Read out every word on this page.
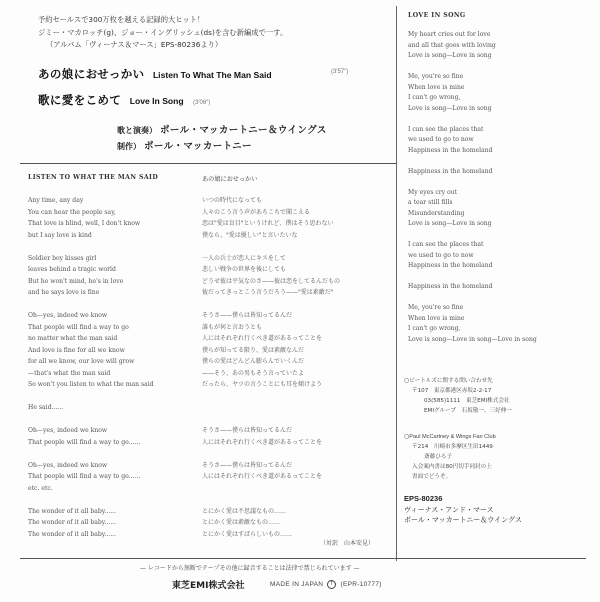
予約セールスで300万枚を越える記録的大ヒット！
ジミー・マカロッチ(g)、ジョー・イングリッシュ(ds)を含む新編成で一す。
（アルバム「ヴィーナス＆マース」EPS-80236より）
あの娘におせっかい Listen To What The Man Said	(3′57″)
歌に愛をこめて Love In Song (3′06″)
歌と演奏） ポール・マッカートニー＆ウイングス
制作） ポール・マッカートニー
LISTEN TO WHAT THE MAN SAID	あの娘におせっかい
Any time, any day
You can hear the people say,
That love is blind, well, I don't know
but I say love is kind
Soldier boy kisses girl
leaves behind a tragic world
But he won't mind, he's in love
and he says love is fine
Oh—yes, indeed we know
That people will find a way to go
no matter what the man said
And love is fine for all we know
for all we know, our love will grow
—that's what the man said
So won't you listen to what the man said
He said......
Oh—yes, indeed we know
That people will find a way to go......
Oh—yes, indeed we know
That people will find a way to go......
etc. etc.
The wonder of it all baby......
The wonder of it all baby......
The wonder of it all baby......
いつの時代になっても
人々のこう言う声があちこちで聞こえる
恋は"愛は盲目"というけれど、僕はそう思わない
僕なら、"愛は優しい"と言いたいな
一人の兵士が恋人にキスをして
悲しい戦争の世界を後にしても
どうせ彼は平気なのさ——彼は恋をしてるんだもの
彼だってきっとこう言うだろう——"愛は素敵だ"
そうさ——僕らは皆知ってるんだ
誰もが何と言おうとも
人にはそれぞれ行くべき道があるってことを
僕らが知ってる限り、愛は素敵なんだ
僕らの愛はどんどん膨らんでいくんだ
——そう、あの男もそう言っていたよ
だったら、ヤツの言うことにも耳を傾けよう
そうさ——僕らは皆知ってるんだ
人にはそれぞれ行くべき道があるってことを
そうさ——僕らは皆知ってるんだ
人にはそれぞれ行くべき道があるってことを
とにかく愛は不思議なもの……
とにかく愛は素敵なもの……
とにかく愛はすばらしいもの……
（対訳　山本安見）
LOVE IN SONG
My heart cries out for love
and all that goes with loving
Love is song—Love in song
Me, you're so fine
When love is mine
I can't go wrong,
Love is song—Love in song
I can see the places that
we used to go to now
Happiness in the homeland
Happiness in the homeland
My eyes cry out
a tear still fills
Misunderstanding
Love is song—Love in song
I can see the places that
we used to go to now
Happiness in the homeland
Happiness in the homeland
Me, you're so fine
When love is mine
I can't go wrong,
Love is song—Love in song—Love in song
○ビートルズに関する問い合わせ先
〒107　東京都港区赤坂2-2-17
03(585)1111　東芝EMI株式会社
EMIグループ　石坂敬一、三好伸一
○Paul McCartney & Wings Fan Club
〒214　川崎市多摩区生田1449
斎藤ひろ子
入会案内書は80円切手同封の上
書面でどうぞ。
EPS-80236
ヴィーナス・アンド・マース
ポール・マッカートニー＆ウイングス
— レコードから無断でテープその他に録音することは法律で禁じられています —
東芝EMI株式会社	MADE IN JAPAN T (EPR-10777)
